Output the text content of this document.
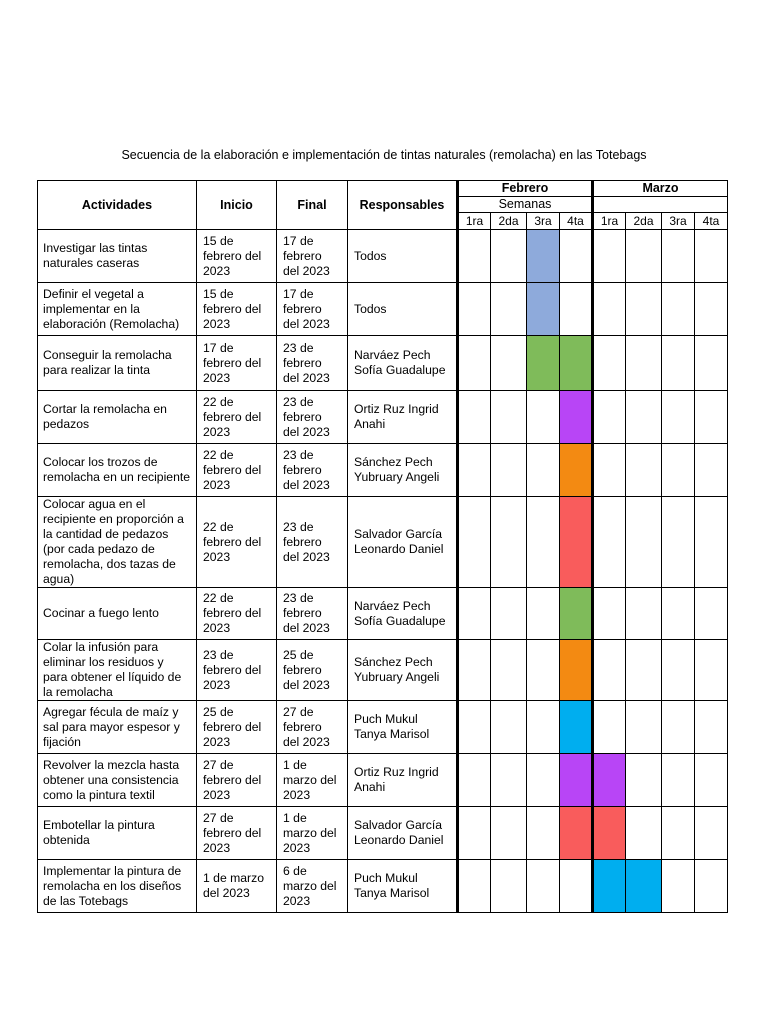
Secuencia de la elaboración e implementación de tintas naturales (remolacha) en las Totebags
Actividades	Inicio	Final	Responsables	Febrero				Marzo			
				Semanas							
				1ra	2da	3ra	4ta	1ra	2da	3ra	4ta
Investigar las tintas naturales caseras	15 de febrero del 2023	17 de febrero del 2023	Todos								
Definir el vegetal a implementar en la elaboración (Remolacha)	15 de febrero del 2023	17 de febrero del 2023	Todos								
Conseguir la remolacha para realizar la tinta	17 de febrero del 2023	23 de febrero del 2023	Narváez Pech Sofía Guadalupe								
Cortar la remolacha en pedazos	22 de febrero del 2023	23 de febrero del 2023	Ortiz Ruz Ingrid Anahi								
Colocar los trozos de remolacha en un recipiente	22 de febrero del 2023	23 de febrero del 2023	Sánchez Pech Yubruary Angeli								
Colocar agua en el recipiente en proporción a la cantidad de pedazos (por cada pedazo de remolacha, dos tazas de agua)	22 de febrero del 2023	23 de febrero del 2023	Salvador García Leonardo Daniel								
Cocinar a fuego lento	22 de febrero del 2023	23 de febrero del 2023	Narváez Pech Sofía Guadalupe								
Colar la infusión para eliminar los residuos y para obtener el líquido de la remolacha	23 de febrero del 2023	25 de febrero del 2023	Sánchez Pech Yubruary Angeli								
Agregar fécula de maíz y sal para mayor espesor y fijación	25 de febrero del 2023	27 de febrero del 2023	Puch Mukul Tanya Marisol								
Revolver la mezcla hasta obtener una consistencia como la pintura textil	27 de febrero del 2023	1 de marzo del 2023	Ortiz Ruz Ingrid Anahi								
Embotellar la pintura obtenida	27 de febrero del 2023	1 de marzo del 2023	Salvador García Leonardo Daniel								
Implementar la pintura de remolacha en los diseños de las Totebags	1 de marzo del 2023	6 de marzo del 2023	Puch Mukul Tanya Marisol								
